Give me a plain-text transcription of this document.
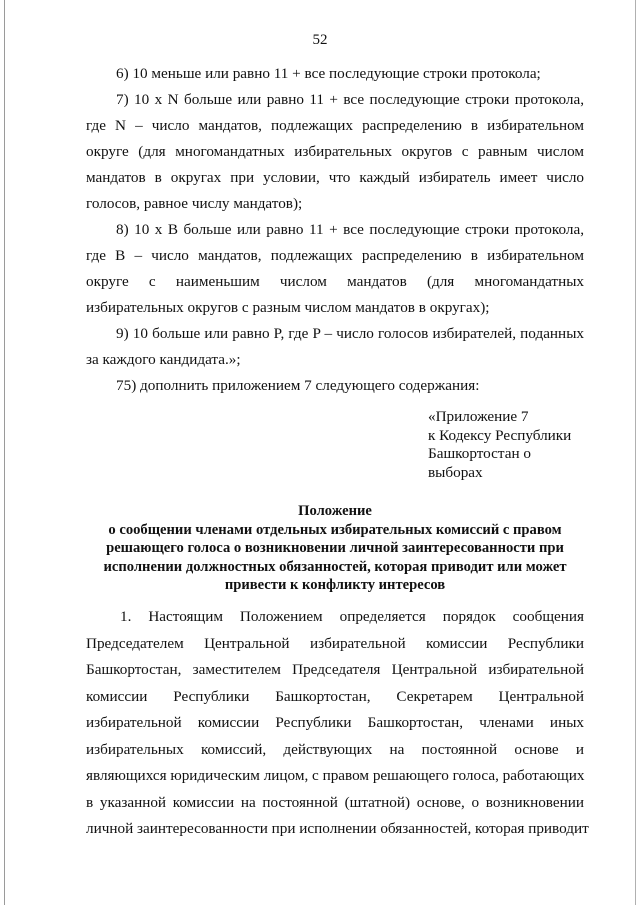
52

6) 10 меньше или равно 11 + все последующие строки протокола;

7) 10 x N больше или равно 11 + все последующие строки протокола, где N – число мандатов, подлежащих распределению в избирательном округе (для многомандатных избирательных округов с равным числом мандатов в округах при условии, что каждый избиратель имеет число голосов, равное числу мандатов);

8) 10 x B больше или равно 11 + все последующие строки протокола, где B – число мандатов, подлежащих распределению в избирательном округе с наименьшим числом мандатов (для многомандатных избирательных округов с разным числом мандатов в округах);

9) 10 больше или равно P, где P – число голосов избирателей, поданных за каждого кандидата.»;

75) дополнить приложением 7 следующего содержания:

«Приложение 7
к Кодексу Республики
Башкортостан о
выборах
Положение
о сообщении членами отдельных избирательных комиссий с правом
решающего голоса о возникновении личной заинтересованности при
исполнении должностных обязанностей, которая приводит или может
привести к конфликту интересов
1. Настоящим Положением определяется порядок сообщения
Председателем Центральной избирательной комиссии Республики
Башкортостан, заместителем Председателя Центральной избирательной
комиссии Республики Башкортостан, Секретарем Центральной
избирательной комиссии Республики Башкортостан, членами иных
избирательных комиссий, действующих на постоянной основе и
являющихся юридическим лицом, с правом решающего голоса, работающих
в указанной комиссии на постоянной (штатной) основе, о возникновении
личной заинтересованности при исполнении обязанностей, которая приводит
